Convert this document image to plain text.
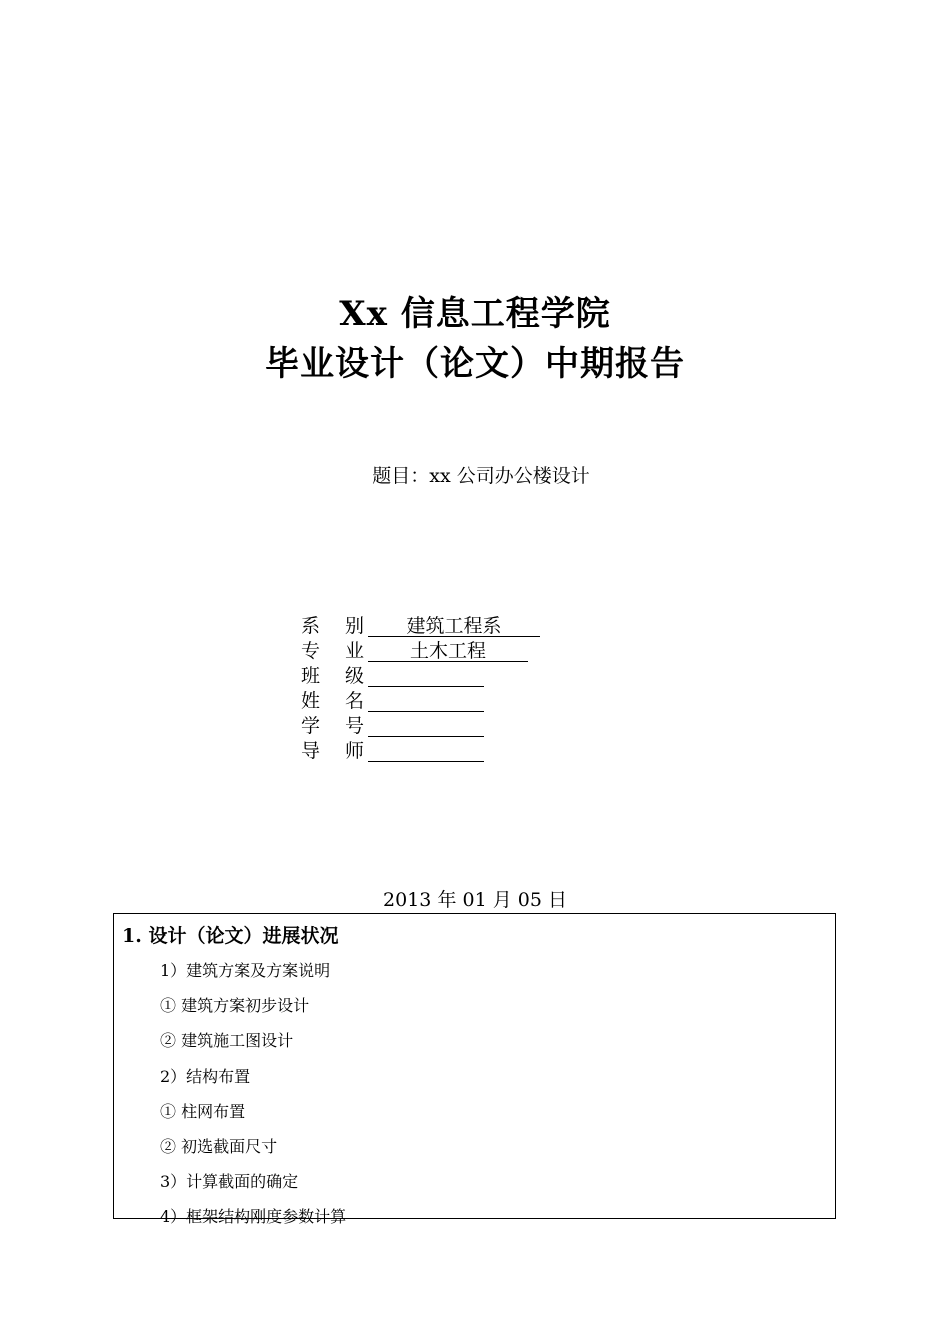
Xx 信息工程学院
毕业设计（论文）中期报告
题目：xx 公司办公楼设计
系 别 建筑工程系
专 业 土木工程
班 级
姓 名
学 号
导 师
2013 年 01 月 05 日
1. 设计（论文）进展状况
1）建筑方案及方案说明
① 建筑方案初步设计
② 建筑施工图设计
2）结构布置
① 柱网布置
② 初选截面尺寸
3）计算截面的确定
4）框架结构刚度参数计算
